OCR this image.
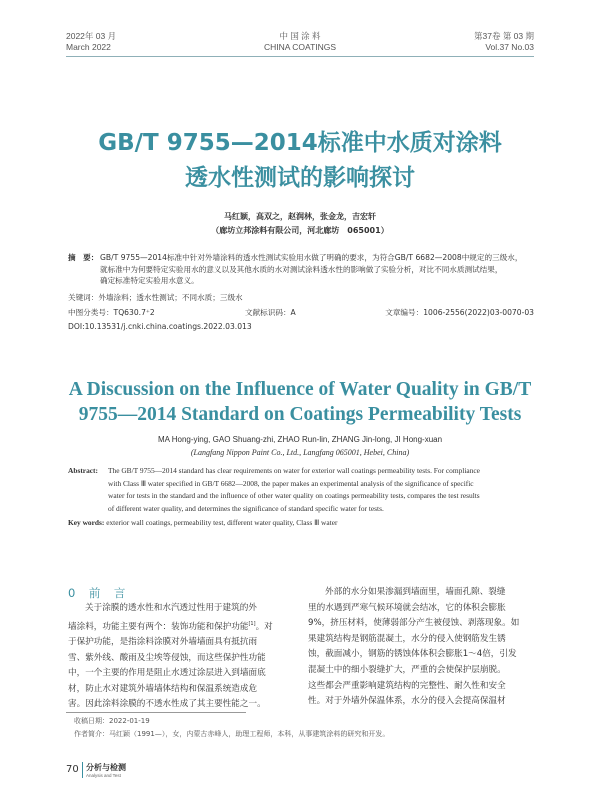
2022年 03 月
March 2022
中 国 涂 料
CHINA COATINGS
第37卷 第 03 期
Vol.37 No.03
GB/T 9755—2014标准中水质对涂料
透水性测试的影响探讨
马红颖，高双之，赵润林，张金龙，吉宏轩
（廊坊立邦涂料有限公司，河北廊坊　065001）
摘　要： GB/T 9755—2014标准中针对外墙涂料的透水性测试实验用水做了明确的要求，为符合GB/T 6682—2008中规定的三级水，
就标准中为何要特定实验用水的意义以及其他水质的水对测试涂料透水性的影响做了实验分析，对比不同水质测试结果，
确定标准特定实验用水意义。
关键词：外墙涂料；透水性测试；不同水质；三级水
中图分类号：TQ630.7⁺2	文献标识码：A	文章编号：1006-2556(2022)03-0070-03
DOI:10.13531/j.cnki.china.coatings.2022.03.013
A Discussion on the Influence of Water Quality in GB/T
9755—2014 Standard on Coatings Permeability Tests
MA Hong-ying, GAO Shuang-zhi, ZHAO Run-lin, ZHANG Jin-long, JI Hong-xuan
(Langfang Nippon Paint Co., Ltd., Langfang 065001, Hebei, China)
Abstract: The GB/T 9755—2014 standard has clear requirements on water for exterior wall coatings permeability tests. For compliance
with Class Ⅲ water specified in GB/T 6682—2008, the paper makes an experimental analysis of the significance of specific
water for tests in the standard and the influence of other water quality on coatings permeability tests, compares the test results
of different water quality, and determines the significance of standard specific water for tests.
Key words: exterior wall coatings, permeability test, different water quality, Class Ⅲ water
0　前　言

关于涂膜的透水性和水汽透过性用于建筑的外

墙涂料，功能主要有两个：装饰功能和保护功能[1]。对

于保护功能，是指涂料涂膜对外墙墙面具有抵抗雨

雪、紫外线、酸雨及尘埃等侵蚀，而这些保护性功能

中，一个主要的作用是阻止水透过涂层进入到墙面底

材，防止水对建筑外墙墙体结构和保温系统造成危

害。因此涂料涂膜的不透水性成了其主要性能之一。

外部的水分如果渗漏到墙面里，墙面孔隙、裂缝

里的水遇到严寒气候环境就会结冰，它的体积会膨胀

9%，挤压材料，使薄弱部分产生被侵蚀、剥落现象。如

果建筑结构是钢筋混凝土，水分的侵入使钢筋发生锈

蚀，截面减小，钢筋的锈蚀体体积会膨胀1～4倍，引发

混凝土中的细小裂缝扩大，严重的会使保护层崩脱。

这些都会严重影响建筑结构的完整性、耐久性和安全

性。对于外墙外保温体系，水分的侵入会提高保温材

收稿日期：2022-01-19
作者简介：马红颖（1991—），女，内蒙古赤峰人，助理工程师，本科，从事建筑涂料的研究和开发。
70 分析与检测
Analysis and Test
